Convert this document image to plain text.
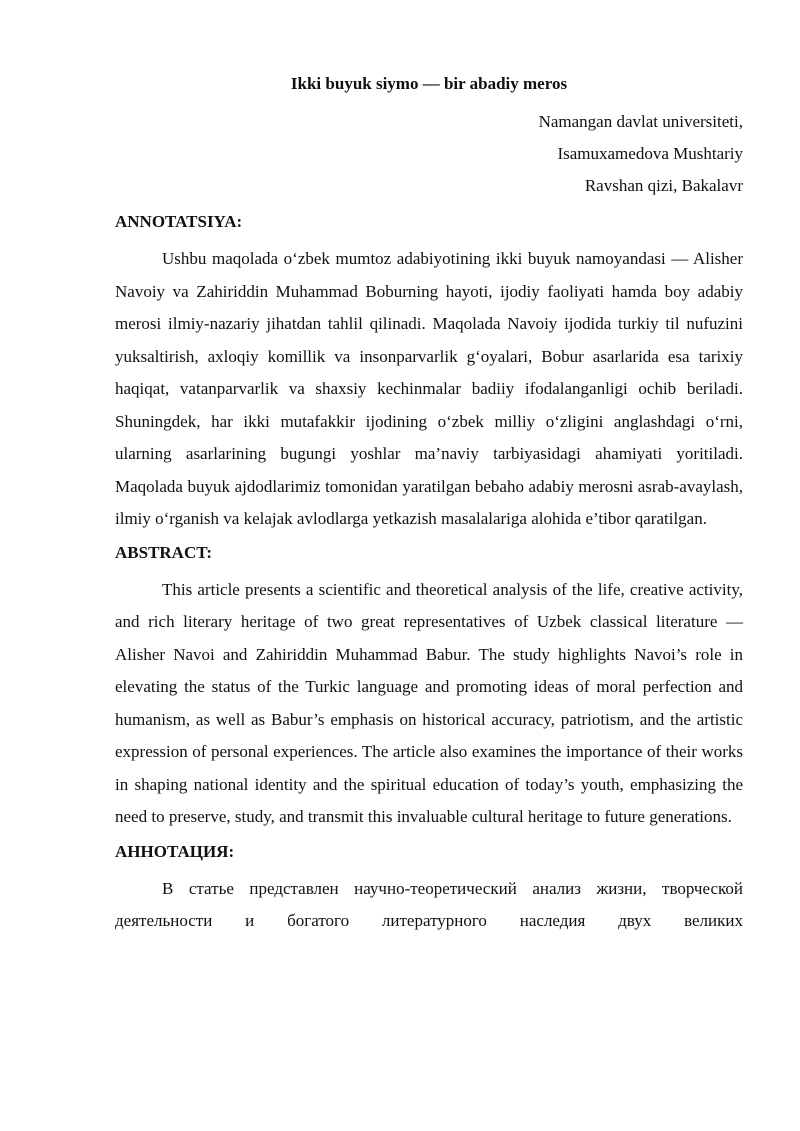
Ikki buyuk siymo — bir abadiy meros
Namangan davlat universiteti,
Isamuxamedova Mushtariy
Ravshan qizi, Bakalavr
ANNOTATSIYA:

Ushbu maqolada o‘zbek mumtoz adabiyotining ikki buyuk namoyandasi — Alisher Navoiy va Zahiriddin Muhammad Boburning hayoti, ijodiy faoliyati hamda boy adabiy merosi ilmiy-nazariy jihatdan tahlil qilinadi. Maqolada Navoiy ijodida turkiy til nufuzini yuksaltirish, axloqiy komillik va insonparvarlik g‘oyalari, Bobur asarlarida esa tarixiy haqiqat, vatanparvarlik va shaxsiy kechinmalar badiiy ifodalanganligi ochib beriladi. Shuningdek, har ikki mutafakkir ijodining o‘zbek milliy o‘zligini anglashdagi o‘rni, ularning asarlarining bugungi yoshlar ma’naviy tarbiyasidagi ahamiyati yoritiladi. Maqolada buyuk ajdodlarimiz tomonidan yaratilgan bebaho adabiy merosni asrab-avaylash, ilmiy o‘rganish va kelajak avlodlarga yetkazish masalalariga alohida e’tibor qaratilgan.

ABSTRACT:

This article presents a scientific and theoretical analysis of the life, creative activity, and rich literary heritage of two great representatives of Uzbek classical literature — Alisher Navoi and Zahiriddin Muhammad Babur. The study highlights Navoi’s role in elevating the status of the Turkic language and promoting ideas of moral perfection and humanism, as well as Babur’s emphasis on historical accuracy, patriotism, and the artistic expression of personal experiences. The article also examines the importance of their works in shaping national identity and the spiritual education of today’s youth, emphasizing the need to preserve, study, and transmit this invaluable cultural heritage to future generations.

АННОТАЦИЯ:

В статье представлен научно-теоретический анализ жизни, творческой деятельности и богатого литературного наследия двух великих
